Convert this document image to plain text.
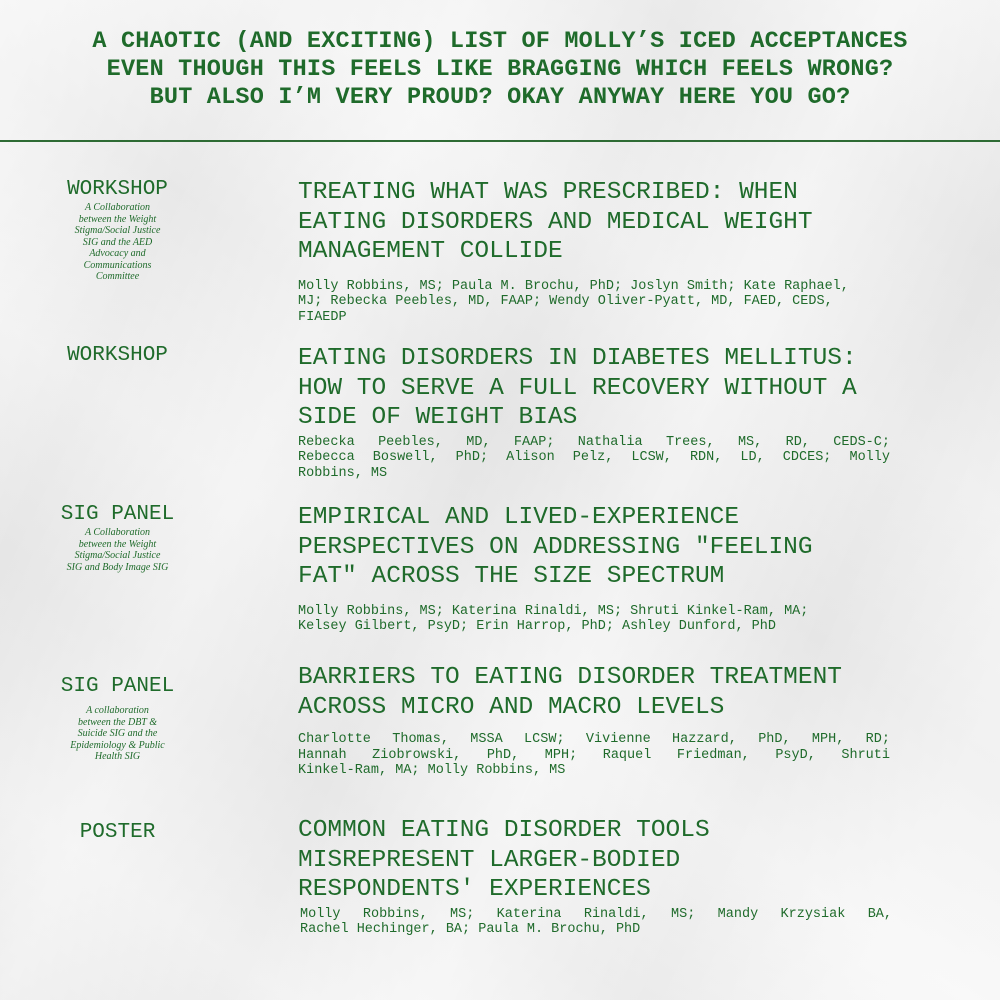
A CHAOTIC (AND EXCITING) LIST OF MOLLY’S ICED ACCEPTANCES
EVEN THOUGH THIS FEELS LIKE BRAGGING WHICH FEELS WRONG?
BUT ALSO I’M VERY PROUD? OKAY ANYWAY HERE YOU GO?
WORKSHOP
A Collaboration
between the Weight
Stigma/Social Justice
SIG and the AED
Advocacy and
Communications
Committee
TREATING WHAT WAS PRESCRIBED: WHEN
EATING DISORDERS AND MEDICAL WEIGHT
MANAGEMENT COLLIDE
Molly Robbins, MS; Paula M. Brochu, PhD; Joslyn Smith; Kate Raphael,
MJ; Rebecka Peebles, MD, FAAP; Wendy Oliver-Pyatt, MD, FAED, CEDS,
FIAEDP
WORKSHOP	EATING DISORDERS IN DIABETES MELLITUS:
HOW TO SERVE A FULL RECOVERY WITHOUT A
SIDE OF WEIGHT BIAS
Rebecka Peebles, MD, FAAP; Nathalia Trees, MS, RD, CEDS-C;
Rebecca Boswell, PhD; Alison Pelz, LCSW, RDN, LD, CDCES; Molly
Robbins, MS
SIG PANEL
A Collaboration
between the Weight
Stigma/Social Justice
SIG and Body Image SIG
EMPIRICAL AND LIVED-EXPERIENCE
PERSPECTIVES ON ADDRESSING "FEELING
FAT" ACROSS THE SIZE SPECTRUM
Molly Robbins, MS; Katerina Rinaldi, MS; Shruti Kinkel-Ram, MA;
Kelsey Gilbert, PsyD; Erin Harrop, PhD; Ashley Dunford, PhD
SIG PANEL
A collaboration
between the DBT &
Suicide SIG and the
Epidemiology & Public
Health SIG
BARRIERS TO EATING DISORDER TREATMENT
ACROSS MICRO AND MACRO LEVELS
Charlotte Thomas, MSSA LCSW; Vivienne Hazzard, PhD, MPH, RD;
Hannah Ziobrowski, PhD, MPH; Raquel Friedman, PsyD, Shruti
Kinkel-Ram, MA; Molly Robbins, MS
POSTER	COMMON EATING DISORDER TOOLS
MISREPRESENT LARGER-BODIED
RESPONDENTS' EXPERIENCES
Molly Robbins, MS; Katerina Rinaldi, MS; Mandy Krzysiak BA,
Rachel Hechinger, BA; Paula M. Brochu, PhD
